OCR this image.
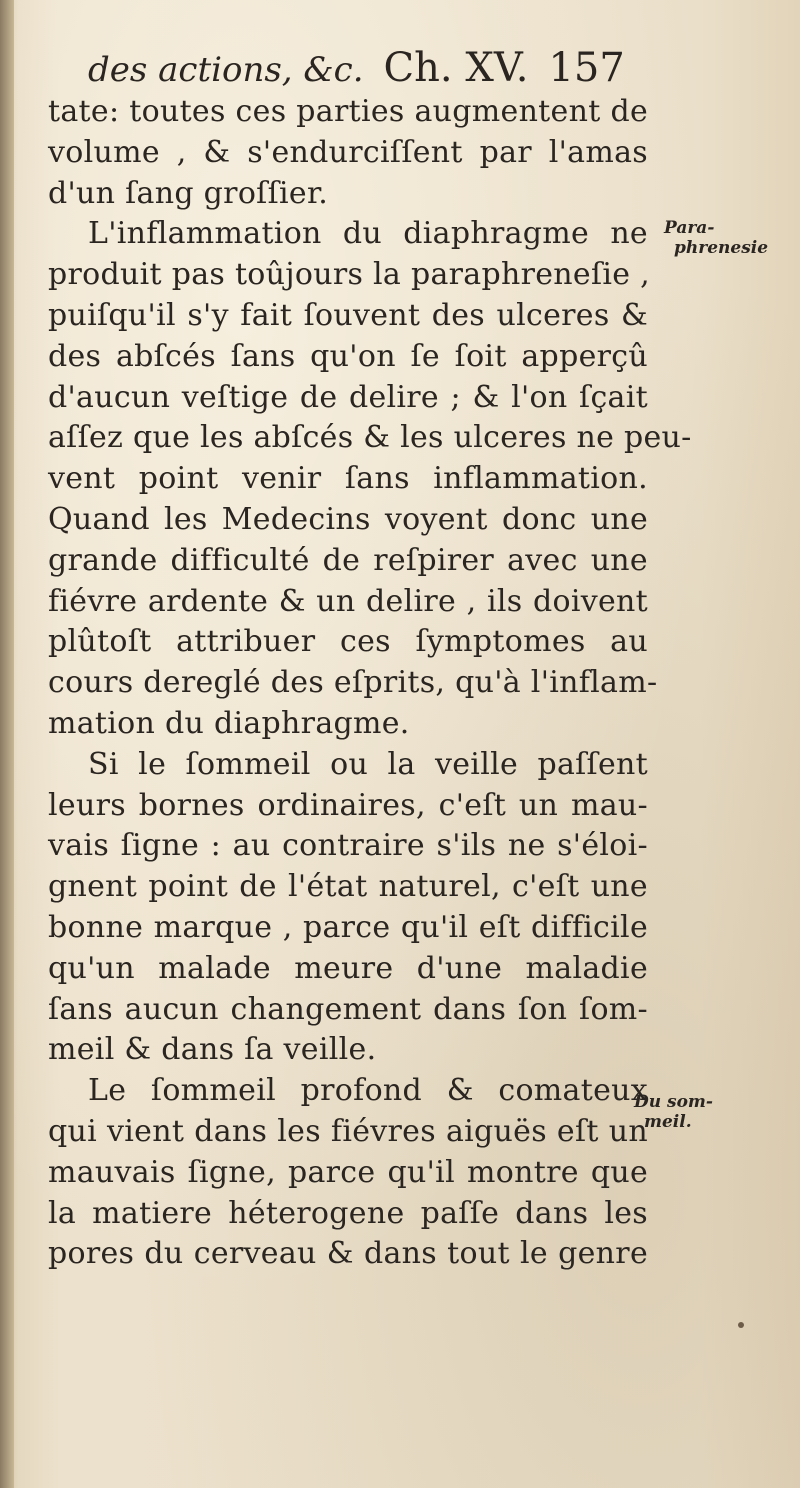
des actions, &c. Ch. XV. 157
tate: toutes ces parties augmentent de
volume , & s'endurciſſent par l'amas
d'un ſang groſſier.
L'inflammation du diaphragme ne
produit pas toûjours la paraphreneſie ,
puiſqu'il s'y fait ſouvent des ulceres &
des abſcés ſans qu'on ſe ſoit apperçû
d'aucun veſtige de delire ; & l'on ſçait
aſſez que les abſcés & les ulceres ne peu-
vent point venir ſans inflammation.
Quand les Medecins voyent donc une
grande difficulté de reſpirer avec une
fiévre ardente & un delire , ils doivent
plûtoſt attribuer ces ſymptomes au
cours dereglé des eſprits, qu'à l'inflam-
mation du diaphragme.
Si le ſommeil ou la veille paſſent
leurs bornes ordinaires, c'eſt un mau-
vais ſigne : au contraire s'ils ne s'éloi-
gnent point de l'état naturel, c'eſt une
bonne marque , parce qu'il eſt difficile
qu'un malade meure d'une maladie
ſans aucun changement dans ſon ſom-
meil & dans ſa veille.
Le ſommeil profond & comateux
qui vient dans les fiévres aiguës eſt un
mauvais ſigne, parce qu'il montre que
la matiere héterogene paſſe dans les
pores du cerveau & dans tout le genre
Para-
phrenesie
Du som-
meil.
